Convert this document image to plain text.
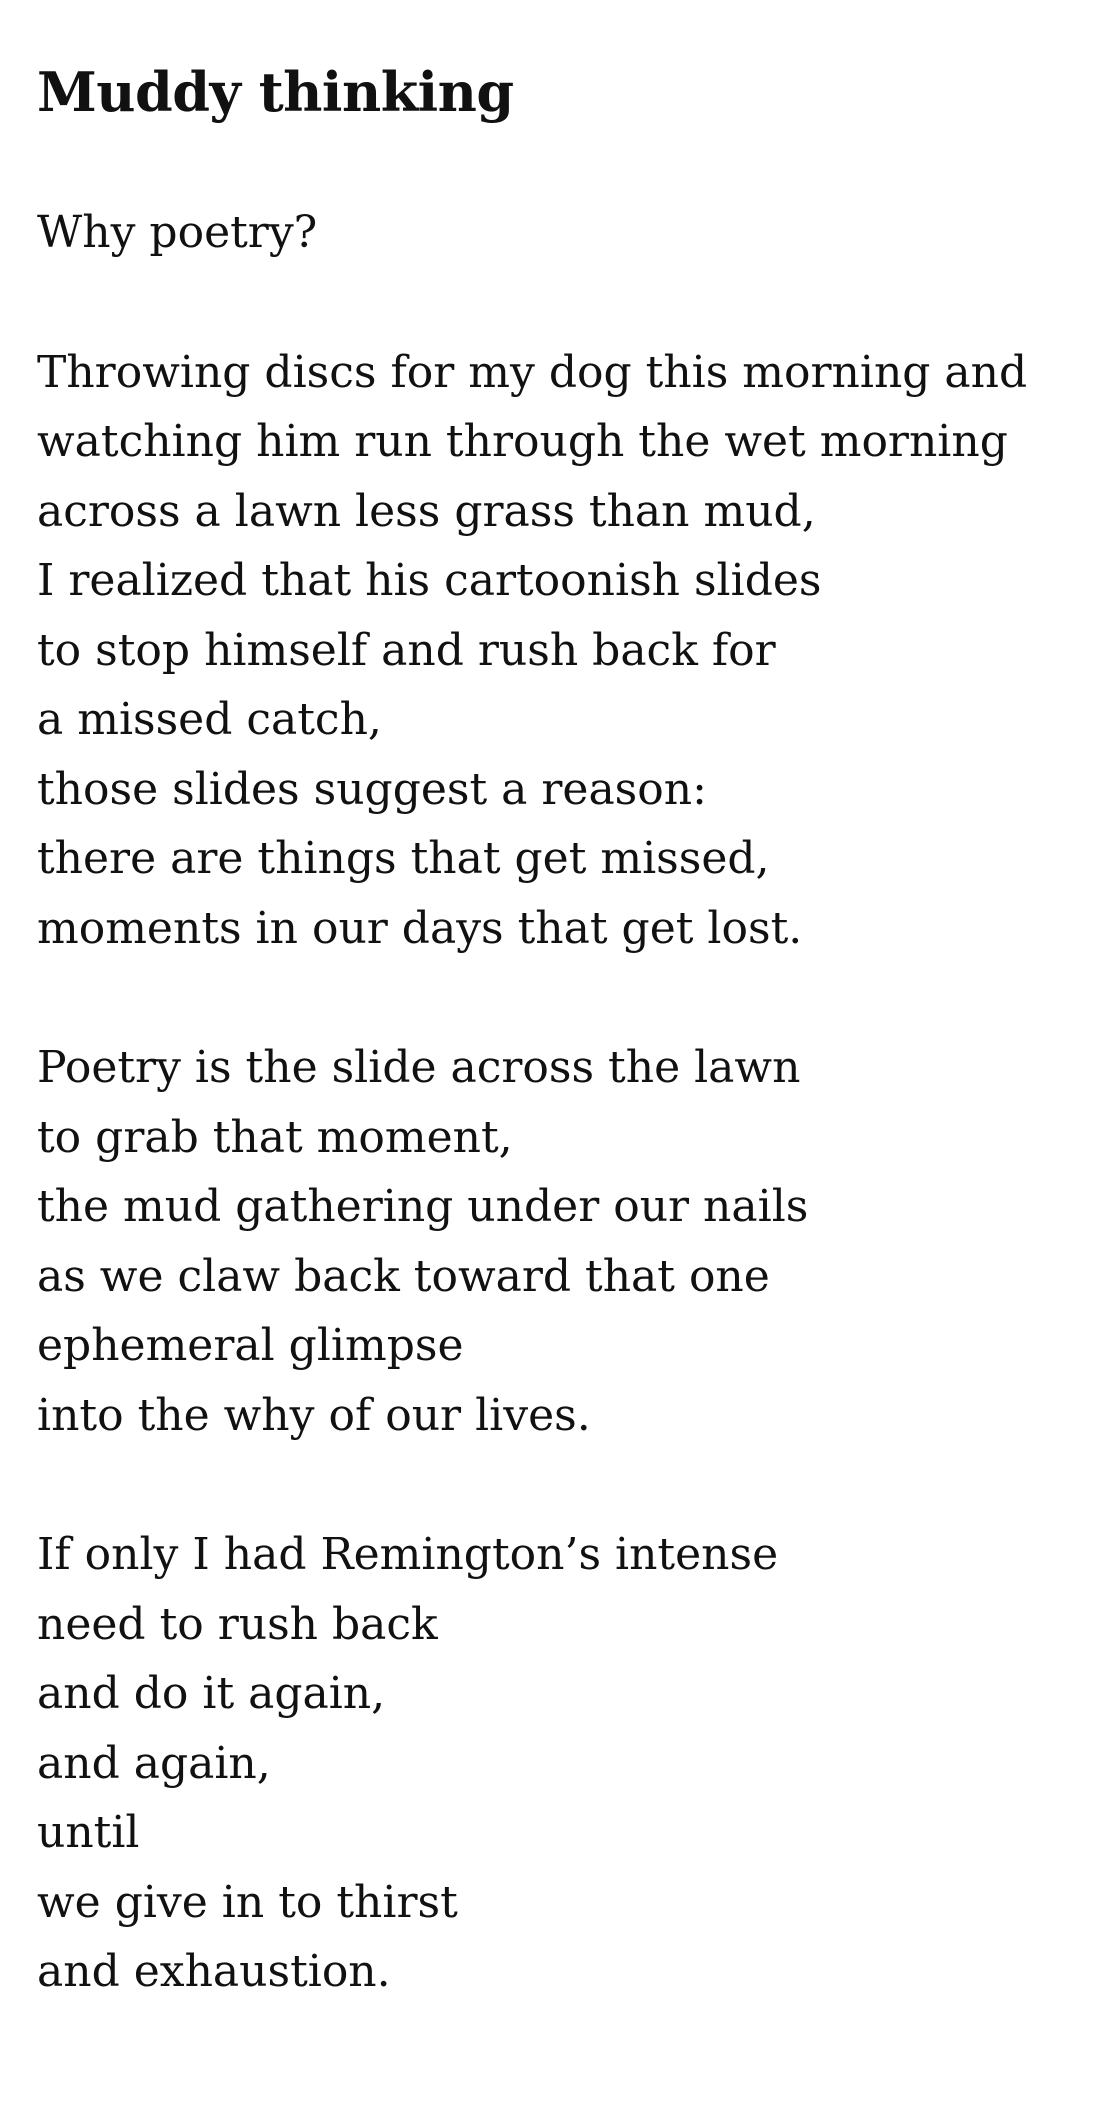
Muddy thinking

Why poetry?

Throwing discs for my dog this morning and
watching him run through the wet morning
across a lawn less grass than mud,
I realized that his cartoonish slides
to stop himself and rush back for
a missed catch,
those slides suggest a reason:
there are things that get missed,
moments in our days that get lost.

Poetry is the slide across the lawn
to grab that moment,
the mud gathering under our nails
as we claw back toward that one
ephemeral glimpse
into the why of our lives.

If only I had Remington’s intense
need to rush back
and do it again,
and again,
until
we give in to thirst
and exhaustion.
